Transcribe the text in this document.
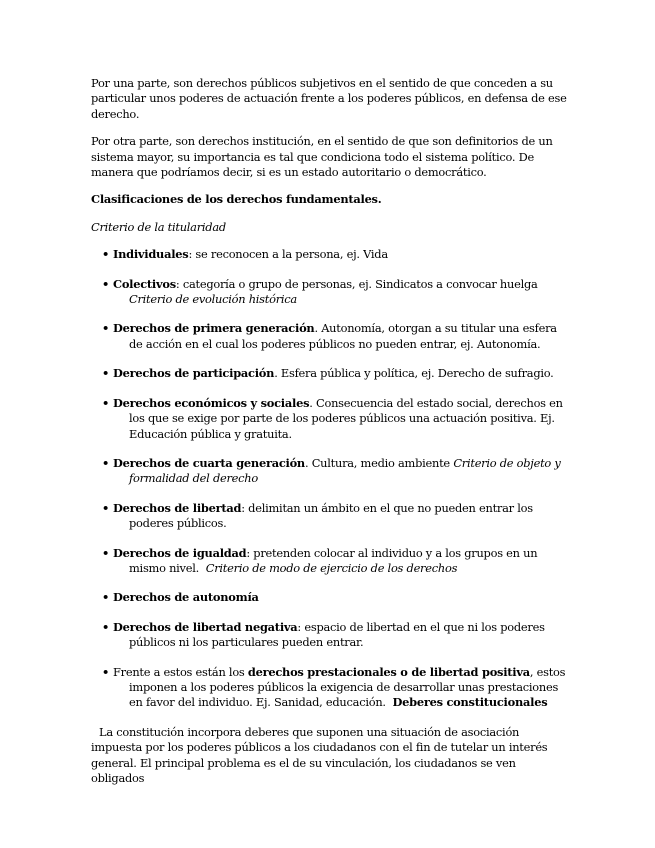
Por una parte, son derechos públicos subjetivos en el sentido de que conceden a su particular unos poderes de actuación frente a los poderes públicos, en defensa de ese derecho.

Por otra parte, son derechos institución, en el sentido de que son definitorios de un sistema mayor, su importancia es tal que condiciona todo el sistema político. De manera que podríamos decir, si es un estado autoritario o democrático.

Clasificaciones de los derechos fundamentales.

Criterio de la titularidad

• Individuales: se reconocen a la persona, ej. Vida
• Colectivos: categoría o grupo de personas, ej. Sindicatos a convocar huelga Criterio de evolución histórica
• Derechos de primera generación. Autonomía, otorgan a su titular una esfera de acción en el cual los poderes públicos no pueden entrar, ej. Autonomía.
• Derechos de participación. Esfera pública y política, ej. Derecho de sufragio.
• Derechos económicos y sociales. Consecuencia del estado social, derechos en los que se exige por parte de los poderes públicos una actuación positiva. Ej. Educación pública y gratuita.
• Derechos de cuarta generación. Cultura, medio ambiente Criterio de objeto y formalidad del derecho
• Derechos de libertad: delimitan un ámbito en el que no pueden entrar los poderes públicos.
• Derechos de igualdad: pretenden colocar al individuo y a los grupos en un mismo nivel. Criterio de modo de ejercicio de los derechos
• Derechos de autonomía
• Derechos de libertad negativa: espacio de libertad en el que ni los poderes públicos ni los particulares pueden entrar.
• Frente a estos están los derechos prestacionales o de libertad positiva, estos imponen a los poderes públicos la exigencia de desarrollar unas prestaciones en favor del individuo. Ej. Sanidad, educación. Deberes constitucionales

La constitución incorpora deberes que suponen una situación de asociación impuesta por los poderes públicos a los ciudadanos con el fin de tutelar un interés general. El principal problema es el de su vinculación, los ciudadanos se ven obligados
